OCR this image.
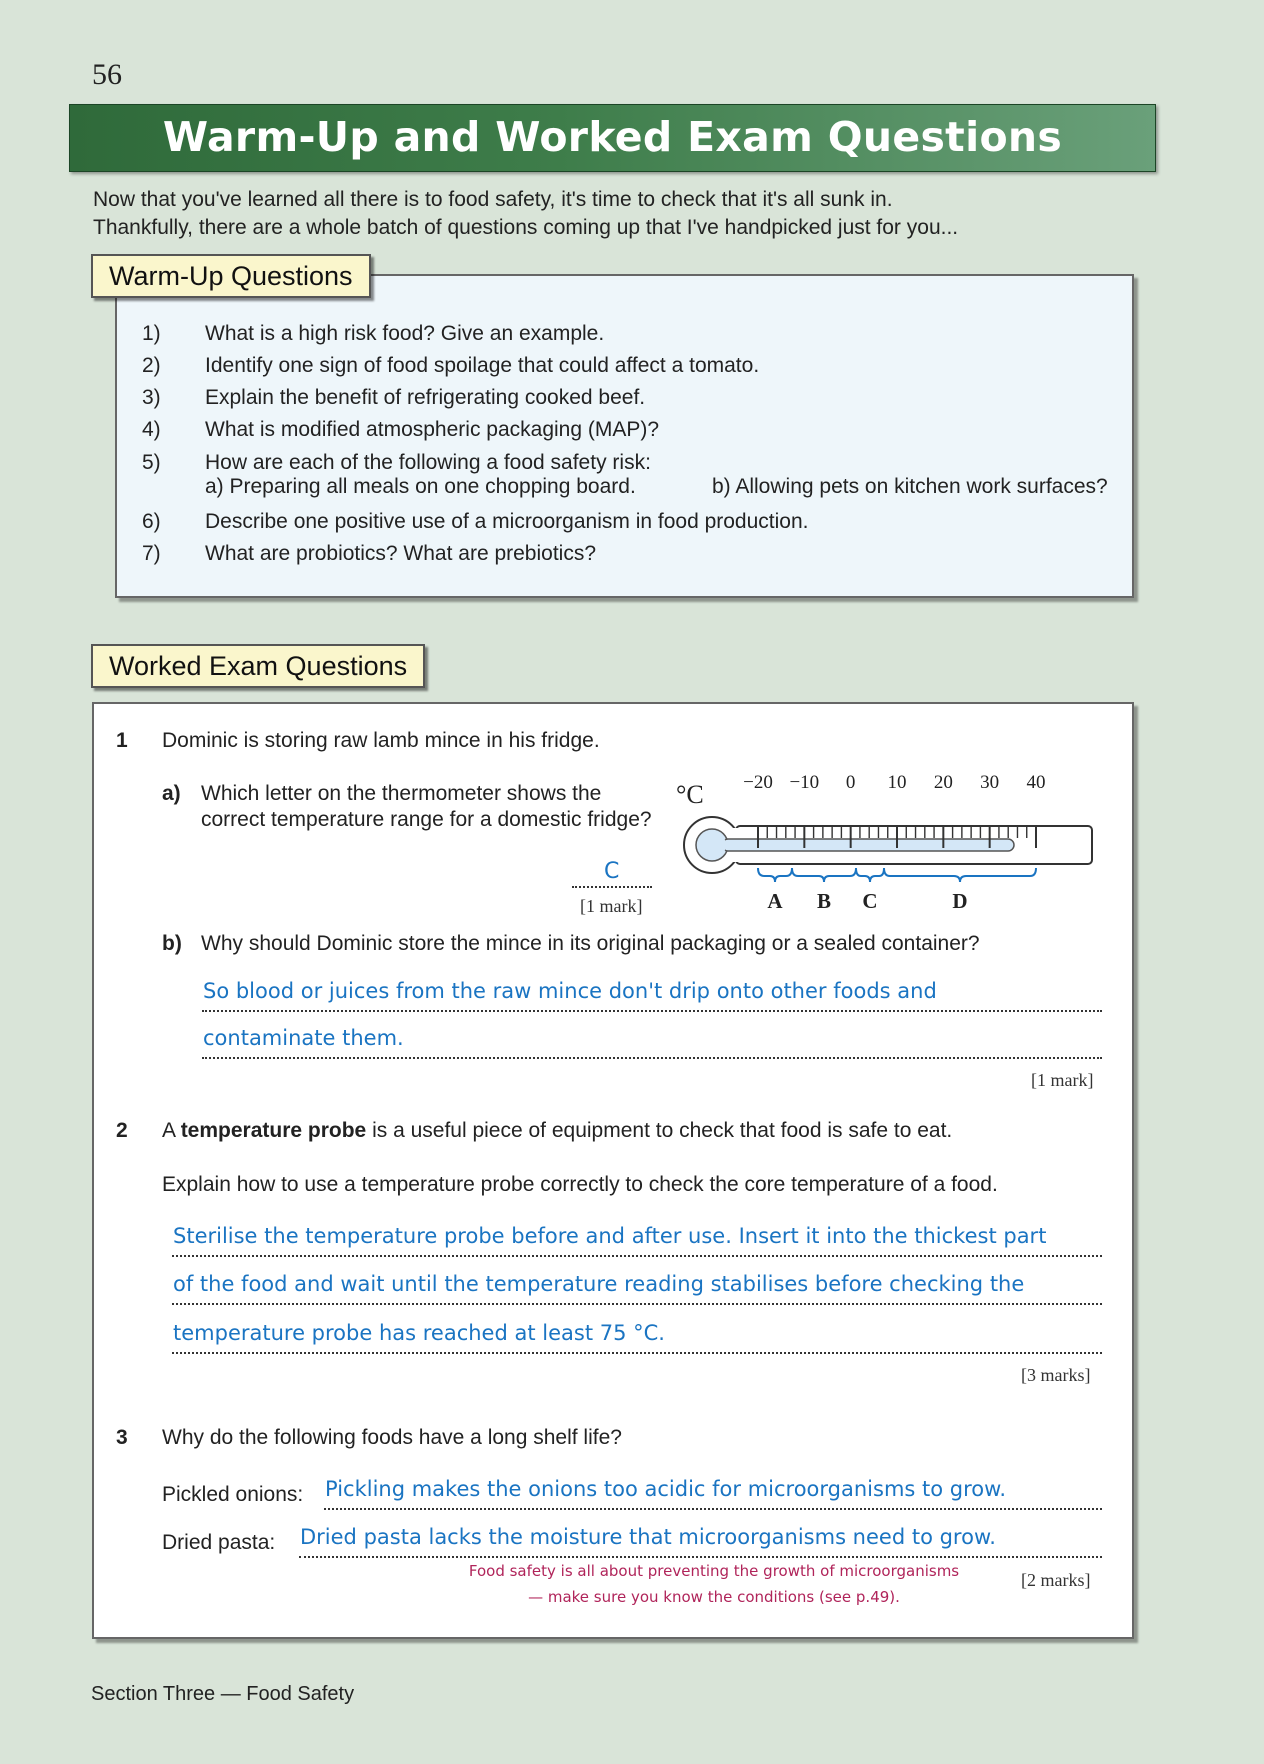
56
Warm-Up and Worked Exam Questions
Now that you've learned all there is to food safety, it's time to check that it's all sunk in.
Thankfully, there are a whole batch of questions coming up that I've handpicked just for you...
1)	What is a high risk food? Give an example.
2)	Identify one sign of food spoilage that could affect a tomato.
3)	Explain the benefit of refrigerating cooked beef.
4)	What is modified atmospheric packaging (MAP)?
5)	How are each of the following a food safety risk:
a) Preparing all meals on one chopping board.	b) Allowing pets on kitchen work surfaces?
6)	Describe one positive use of a microorganism in food production.
7)	What are probiotics? What are prebiotics?
Warm-Up Questions
1 Dominic is storing raw lamb mince in his fridge.
a) Which letter on the thermometer shows the
correct temperature range for a domestic fridge?
C
[1 mark]
°C −20 −10 0 10 20 30 40
A B C	D
b) Why should Dominic store the mince in its original packaging or a sealed container?
So blood or juices from the raw mince don't drip onto other foods and
contaminate them.
[1 mark]
2 A temperature probe is a useful piece of equipment to check that food is safe to eat.
Explain how to use a temperature probe correctly to check the core temperature of a food.
Sterilise the temperature probe before and after use. Insert it into the thickest part
of the food and wait until the temperature reading stabilises before checking the
temperature probe has reached at least 75 °C.
[3 marks]
3 Why do the following foods have a long shelf life?
Pickled onions: Pickling makes the onions too acidic for microorganisms to grow.
Dried pasta: Dried pasta lacks the moisture that microorganisms need to grow.
Food safety is all about preventing the growth of microorganisms
— make sure you know the conditions (see p.49).
[2 marks]
Worked Exam Questions
Section Three — Food Safety
